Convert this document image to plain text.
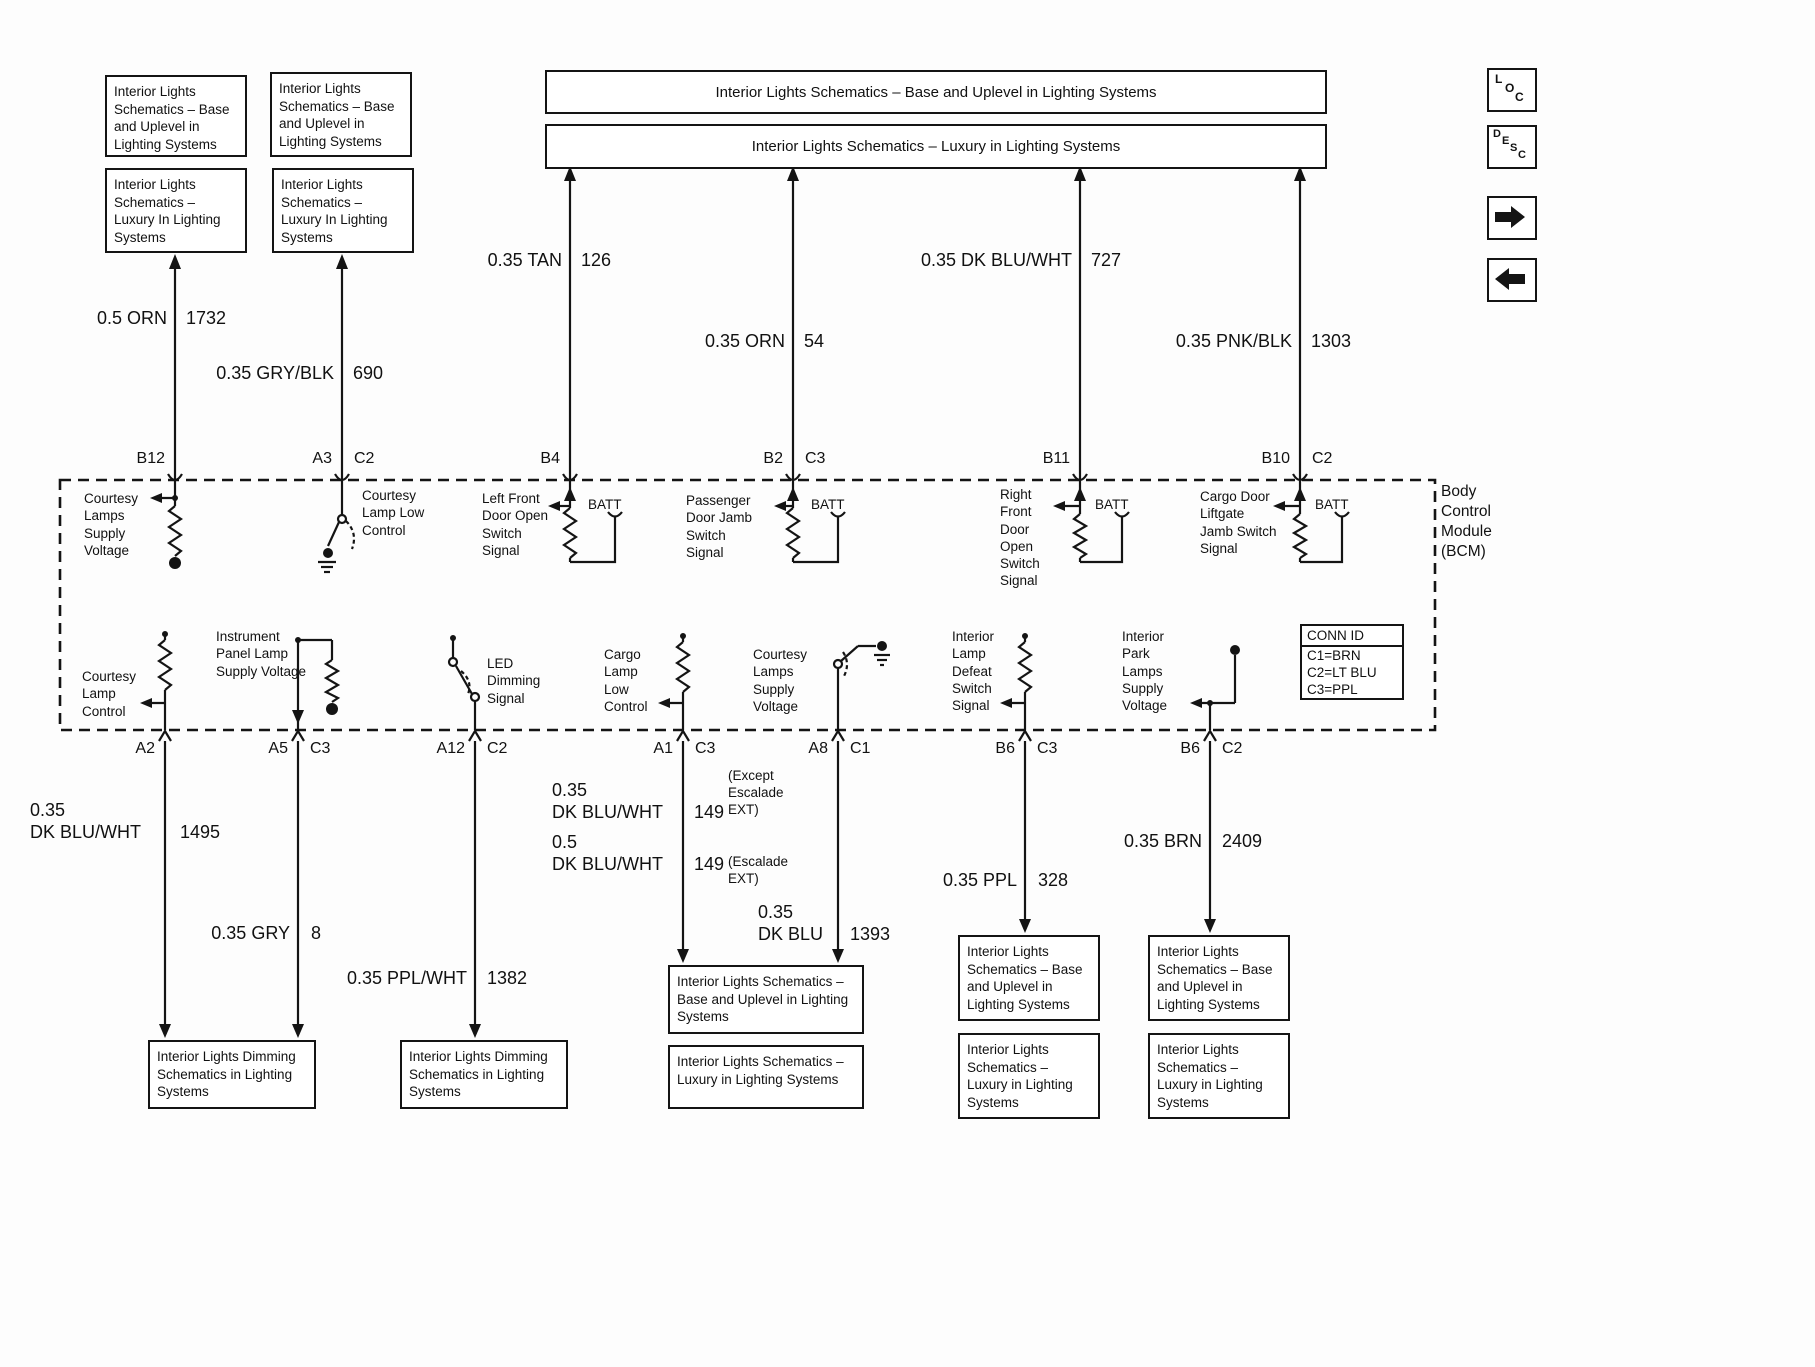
Interior Lights Schematics – Base and Uplevel in Lighting Systems
Interior Lights Schematics – Base and Uplevel in Lighting Systems
Interior Lights Schematics – Luxury In Lighting Systems
Interior Lights Schematics – Luxury In Lighting Systems
Interior Lights Schematics – Base and Uplevel in Lighting Systems
Interior Lights Schematics – Luxury in Lighting Systems
L
O
C
D
E
S
C
0.5 ORN 1732
0.35 GRY/BLK 690
0.35 TAN 126
0.35 ORN 54
0.35 DK BLU/WHT 727
0.35 PNK/BLK 1303
B12	A3 C2	B4	B2 C3	B11	B10 C2
Courtesy Lamps Supply Voltage
Courtesy Lamp Low Control
Left Front Door Open Switch Signal
BATT	Passenger Door Jamb Switch Signal
BATT
Right Front Door Open Switch Signal
BATT
Cargo Door Liftgate Jamb Switch Signal
BATT
Courtesy Lamp Control
Instrument Panel Lamp Supply Voltage
LED Dimming Signal
Cargo Lamp Low Control
Courtesy Lamps Supply Voltage
Interior Lamp Defeat Switch Signal
Interior Park Lamps Supply Voltage
CONN ID
C1=BRN
C2=LT BLU
C3=PPL
Body Control Module (BCM)
A2	A5 C3	A12 C2	A1 C3	A8 C1	B6 C3	B6 C2
0.35
DK BLU/WHT 1495
0.35 GRY 8
0.35 PPL/WHT 1382
0.35
DK BLU/WHT 149
(Except Escalade EXT)
0.5
DK BLU/WHT 149 (Escalade EXT)
0.35
DK BLU 1393
0.35 PPL 328
0.35 BRN 2409
Interior Lights Dimming Schematics in Lighting Systems
Interior Lights Dimming Schematics in Lighting Systems
Interior Lights Schematics – Base and Uplevel in Lighting Systems
Interior Lights Schematics – Luxury in Lighting Systems
Interior Lights Schematics – Base and Uplevel in Lighting Systems
Interior Lights Schematics – Luxury in Lighting Systems
Interior Lights Schematics – Base and Uplevel in Lighting Systems
Interior Lights Schematics – Luxury in Lighting Systems
